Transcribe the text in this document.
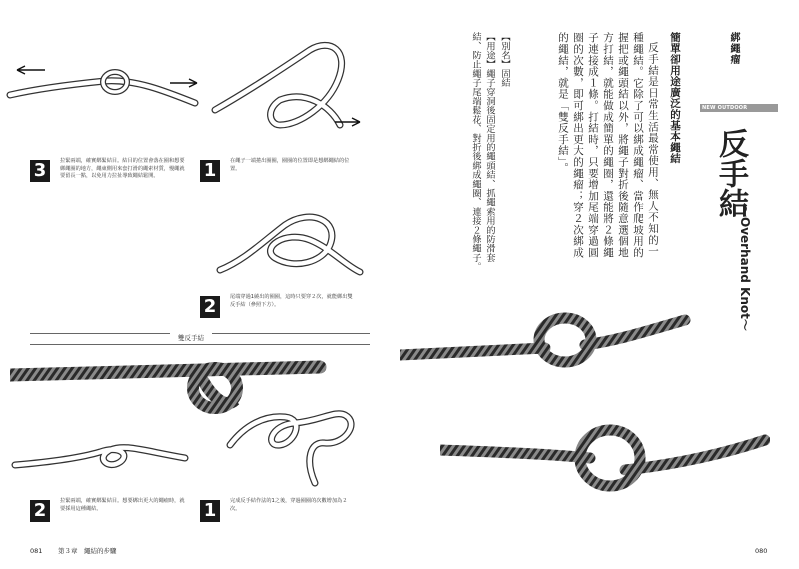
3	拉緊兩端，確實綁緊結目。結目的位置會落在圈和想要綁繩圈的地方，繩東側用來套打滑的繩索材質，慢繩就要留長一點，以免用力拉扯導致繩結鬆開。	1	在繩子一端捲出圈圈，圈圈的位置即是想綁繩結的位置。
2	尾端穿過1繞出的圈圈，這時只要穿２次，就能綁出雙反手結（參照下方）。
雙反手結
2	拉緊兩端，確實綁緊結目。想要綁出更大的繩瘤時，就要採用這種繩結。	1	完成反手結作法的1之後，穿過圈圈的次數增加為２次。
081 第３章　繩結的步驟
綁繩瘤
NEW OUTDOOR HANDBOOK
反手結
～Overhand Knot～
簡單卻用途廣泛的基本繩結
反手結是日常生活最常使用、無人不知的一種繩結。它除了可以綁成繩瘤、當作爬坡用的握把或繩頭結以外，將繩子對折後隨意選個地方打結，就能做成簡單的繩圈，還能將２條繩子連接成１條。打結時，只要增加尾端穿過圓圈的次數，即可綁出更大的繩瘤；穿２次綁成的繩結，就是「雙反手結」。
【別名】固結
【用途】繩子穿洞後固定用的繩頭結、抓繩索用的防滑套結、防止繩子尾端鬆花、對折後綁成繩圈、連接２條繩子。
080
